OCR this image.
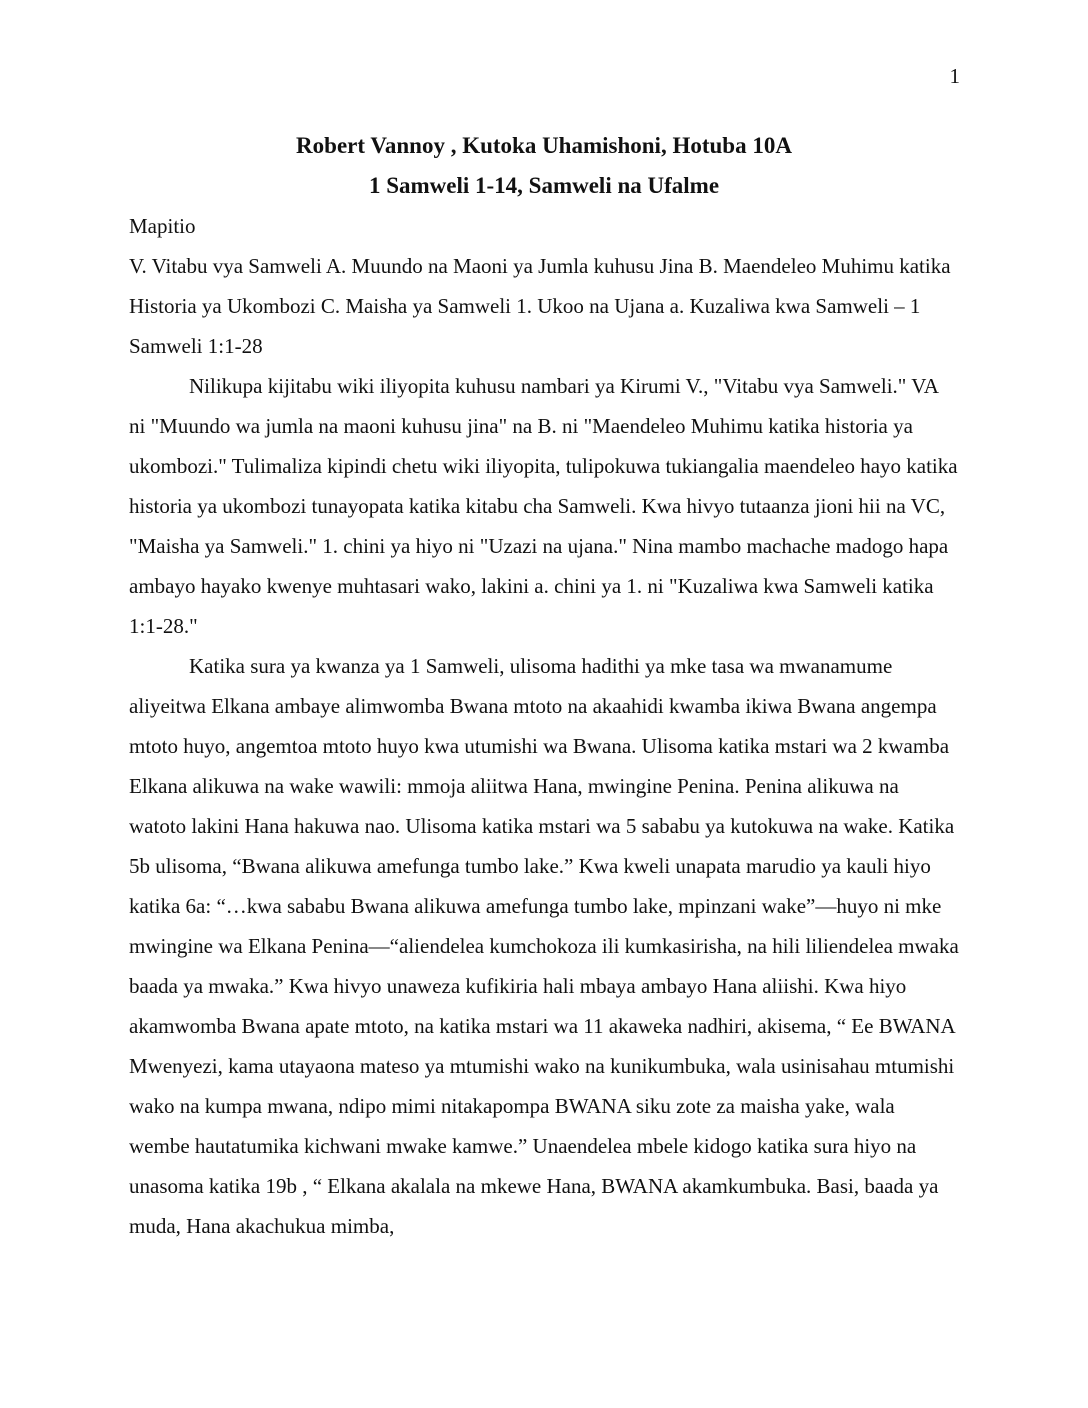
1
Robert Vannoy , Kutoka Uhamishoni, Hotuba 10A
1 Samweli 1-14, Samweli na Ufalme

Mapitio

V. Vitabu vya Samweli A. Muundo na Maoni ya Jumla kuhusu Jina B. Maendeleo Muhimu katika Historia ya Ukombozi C. Maisha ya Samweli 1. Ukoo na Ujana a. Kuzaliwa kwa Samweli – 1 Samweli 1:1-28

Nilikupa kijitabu wiki iliyopita kuhusu nambari ya Kirumi V., "Vitabu vya Samweli." VA ni "Muundo wa jumla na maoni kuhusu jina" na B. ni "Maendeleo Muhimu katika historia ya ukombozi." Tulimaliza kipindi chetu wiki iliyopita, tulipokuwa tukiangalia maendeleo hayo katika historia ya ukombozi tunayopata katika kitabu cha Samweli. Kwa hivyo tutaanza jioni hii na VC, "Maisha ya Samweli." 1. chini ya hiyo ni "Uzazi na ujana." Nina mambo machache madogo hapa ambayo hayako kwenye muhtasari wako, lakini a. chini ya 1. ni "Kuzaliwa kwa Samweli katika 1:1-28."

Katika sura ya kwanza ya 1 Samweli, ulisoma hadithi ya mke tasa wa mwanamume aliyeitwa Elkana ambaye alimwomba Bwana mtoto na akaahidi kwamba ikiwa Bwana angempa mtoto huyo, angemtoa mtoto huyo kwa utumishi wa Bwana. Ulisoma katika mstari wa 2 kwamba Elkana alikuwa na wake wawili: mmoja aliitwa Hana, mwingine Penina. Penina alikuwa na watoto lakini Hana hakuwa nao. Ulisoma katika mstari wa 5 sababu ya kutokuwa na wake. Katika 5b ulisoma, “Bwana alikuwa amefunga tumbo lake.” Kwa kweli unapata marudio ya kauli hiyo katika 6a: “…kwa sababu Bwana alikuwa amefunga tumbo lake, mpinzani wake”—huyo ni mke mwingine wa Elkana Penina—“aliendelea kumchokoza ili kumkasirisha, na hili liliendelea mwaka baada ya mwaka.” Kwa hivyo unaweza kufikiria hali mbaya ambayo Hana aliishi. Kwa hiyo akamwomba Bwana apate mtoto, na katika mstari wa 11 akaweka nadhiri, akisema, “ Ee BWANA Mwenyezi, kama utayaona mateso ya mtumishi wako na kunikumbuka, wala usinisahau mtumishi wako na kumpa mwana, ndipo mimi nitakapompa BWANA siku zote za maisha yake, wala wembe hautatumika kichwani mwake kamwe.” Unaendelea mbele kidogo katika sura hiyo na unasoma katika 19b , “ Elkana akalala na mkewe Hana, BWANA akamkumbuka. Basi, baada ya muda, Hana akachukua mimba,
